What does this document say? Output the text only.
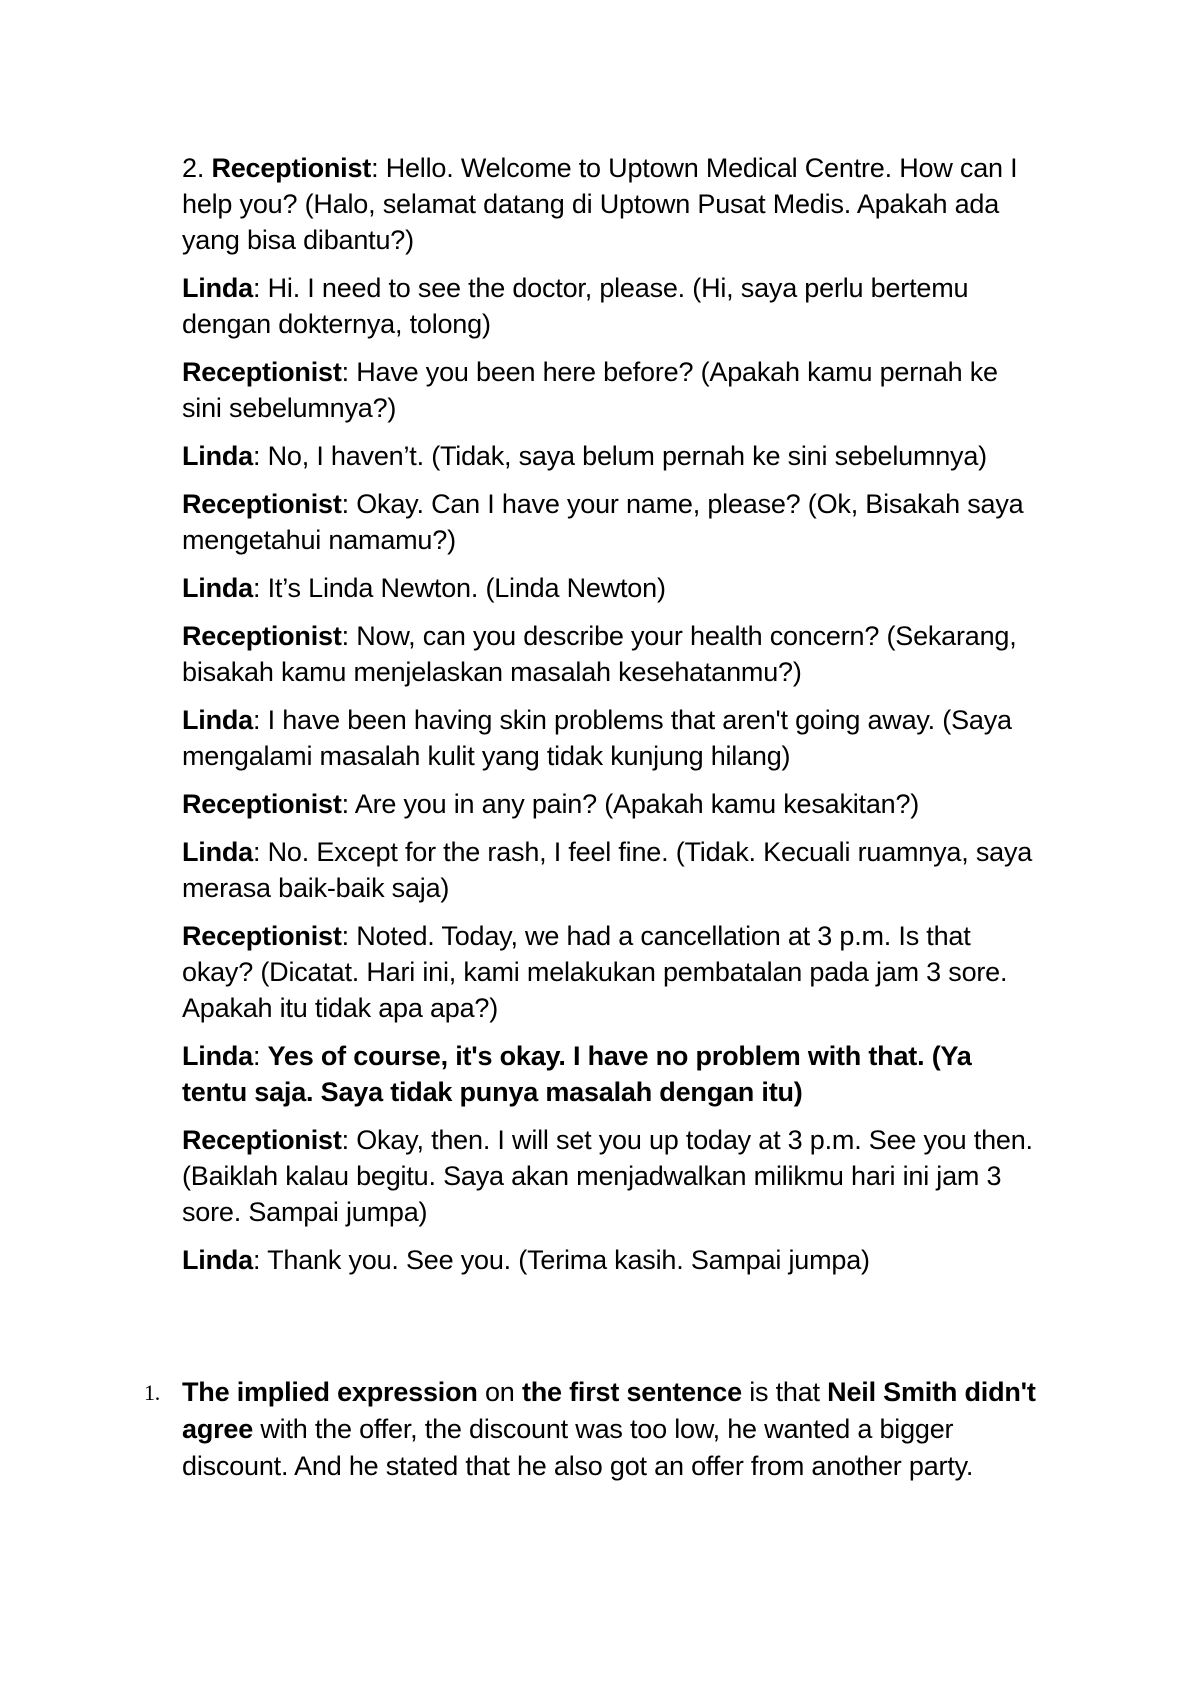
2. Receptionist: Hello. Welcome to Uptown Medical Centre. How can I help you? (Halo, selamat datang di Uptown Pusat Medis. Apakah ada yang bisa dibantu?)

Linda: Hi. I need to see the doctor, please. (Hi, saya perlu bertemu dengan dokternya, tolong)

Receptionist: Have you been here before? (Apakah kamu pernah ke sini sebelumnya?)

Linda: No, I haven’t. (Tidak, saya belum pernah ke sini sebelumnya)

Receptionist: Okay. Can I have your name, please? (Ok, Bisakah saya mengetahui namamu?)

Linda: It’s Linda Newton. (Linda Newton)

Receptionist: Now, can you describe your health concern? (Sekarang, bisakah kamu menjelaskan masalah kesehatanmu?)

Linda: I have been having skin problems that aren't going away. (Saya mengalami masalah kulit yang tidak kunjung hilang)

Receptionist: Are you in any pain? (Apakah kamu kesakitan?)

Linda: No. Except for the rash, I feel fine. (Tidak. Kecuali ruamnya, saya merasa baik-baik saja)

Receptionist: Noted. Today, we had a cancellation at 3 p.m. Is that okay? (Dicatat. Hari ini, kami melakukan pembatalan pada jam 3 sore. Apakah itu tidak apa apa?)

Linda: Yes of course, it's okay. I have no problem with that. (Ya tentu saja. Saya tidak punya masalah dengan itu)

Receptionist: Okay, then. I will set you up today at 3 p.m. See you then. (Baiklah kalau begitu. Saya akan menjadwalkan milikmu hari ini jam 3 sore. Sampai jumpa)

Linda: Thank you. See you. (Terima kasih. Sampai jumpa)

1. The implied expression on the first sentence is that Neil Smith didn't agree with the offer, the discount was too low, he wanted a bigger discount. And he stated that he also got an offer from another party.
